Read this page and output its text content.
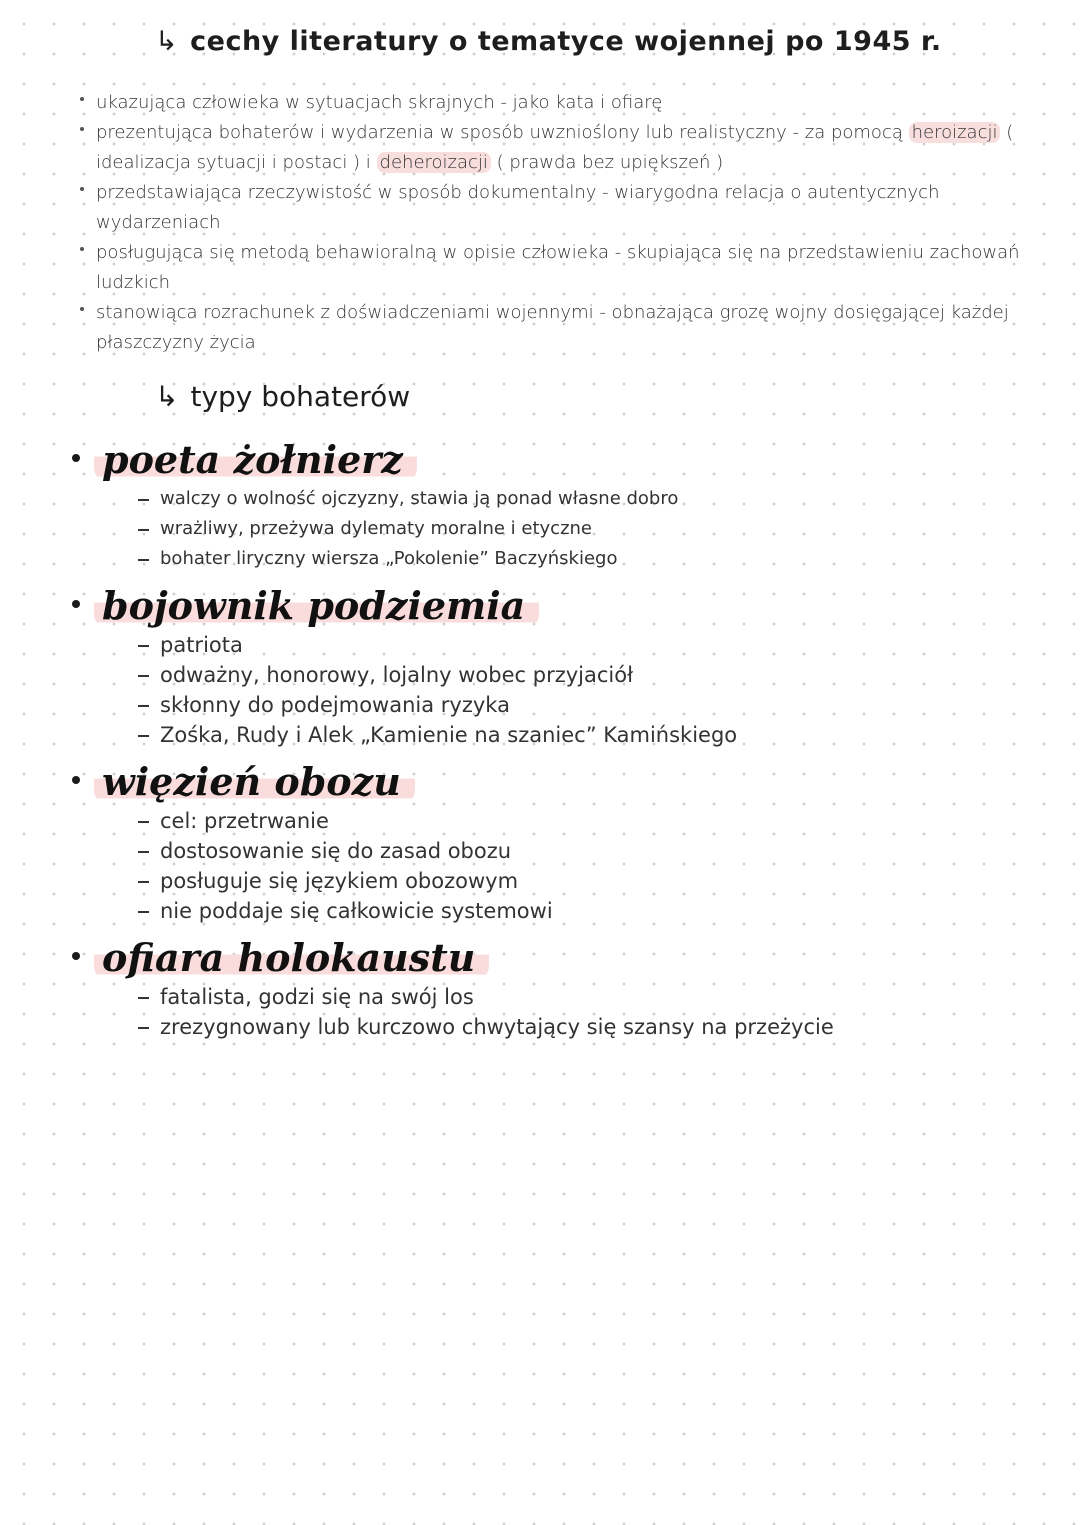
↳ cechy literatury o tematyce wojennej po 1945 r.
ukazująca człowieka w sytuacjach skrajnych - jako kata i ofiarę
prezentująca bohaterów i wydarzenia w sposób uwznioślony lub realistyczny - za pomocą heroizacji ( idealizacja sytuacji i postaci ) i deheroizacji ( prawda bez upiększeń )
przedstawiająca rzeczywistość w sposób dokumentalny - wiarygodna relacja o autentycznych wydarzeniach
posługująca się metodą behawioralną w opisie człowieka - skupiająca się na przedstawieniu zachowań ludzkich
stanowiąca rozrachunek z doświadczeniami wojennymi - obnażająca grozę wojny dosięgającej każdej płaszczyzny życia
↳ typy bohaterów
poeta żołnierz
walczy o wolność ojczyzny, stawia ją ponad własne dobro
wrażliwy, przeżywa dylematy moralne i etyczne
bohater liryczny wiersza „Pokolenie” Baczyńskiego
bojownik podziemia
patriota
odważny, honorowy, lojalny wobec przyjaciół
skłonny do podejmowania ryzyka
Zośka, Rudy i Alek „Kamienie na szaniec” Kamińskiego
więzień obozu
cel: przetrwanie
dostosowanie się do zasad obozu
posługuje się językiem obozowym
nie poddaje się całkowicie systemowi
ofiara holokaustu
fatalista, godzi się na swój los
zrezygnowany lub kurczowo chwytający się szansy na przeżycie
